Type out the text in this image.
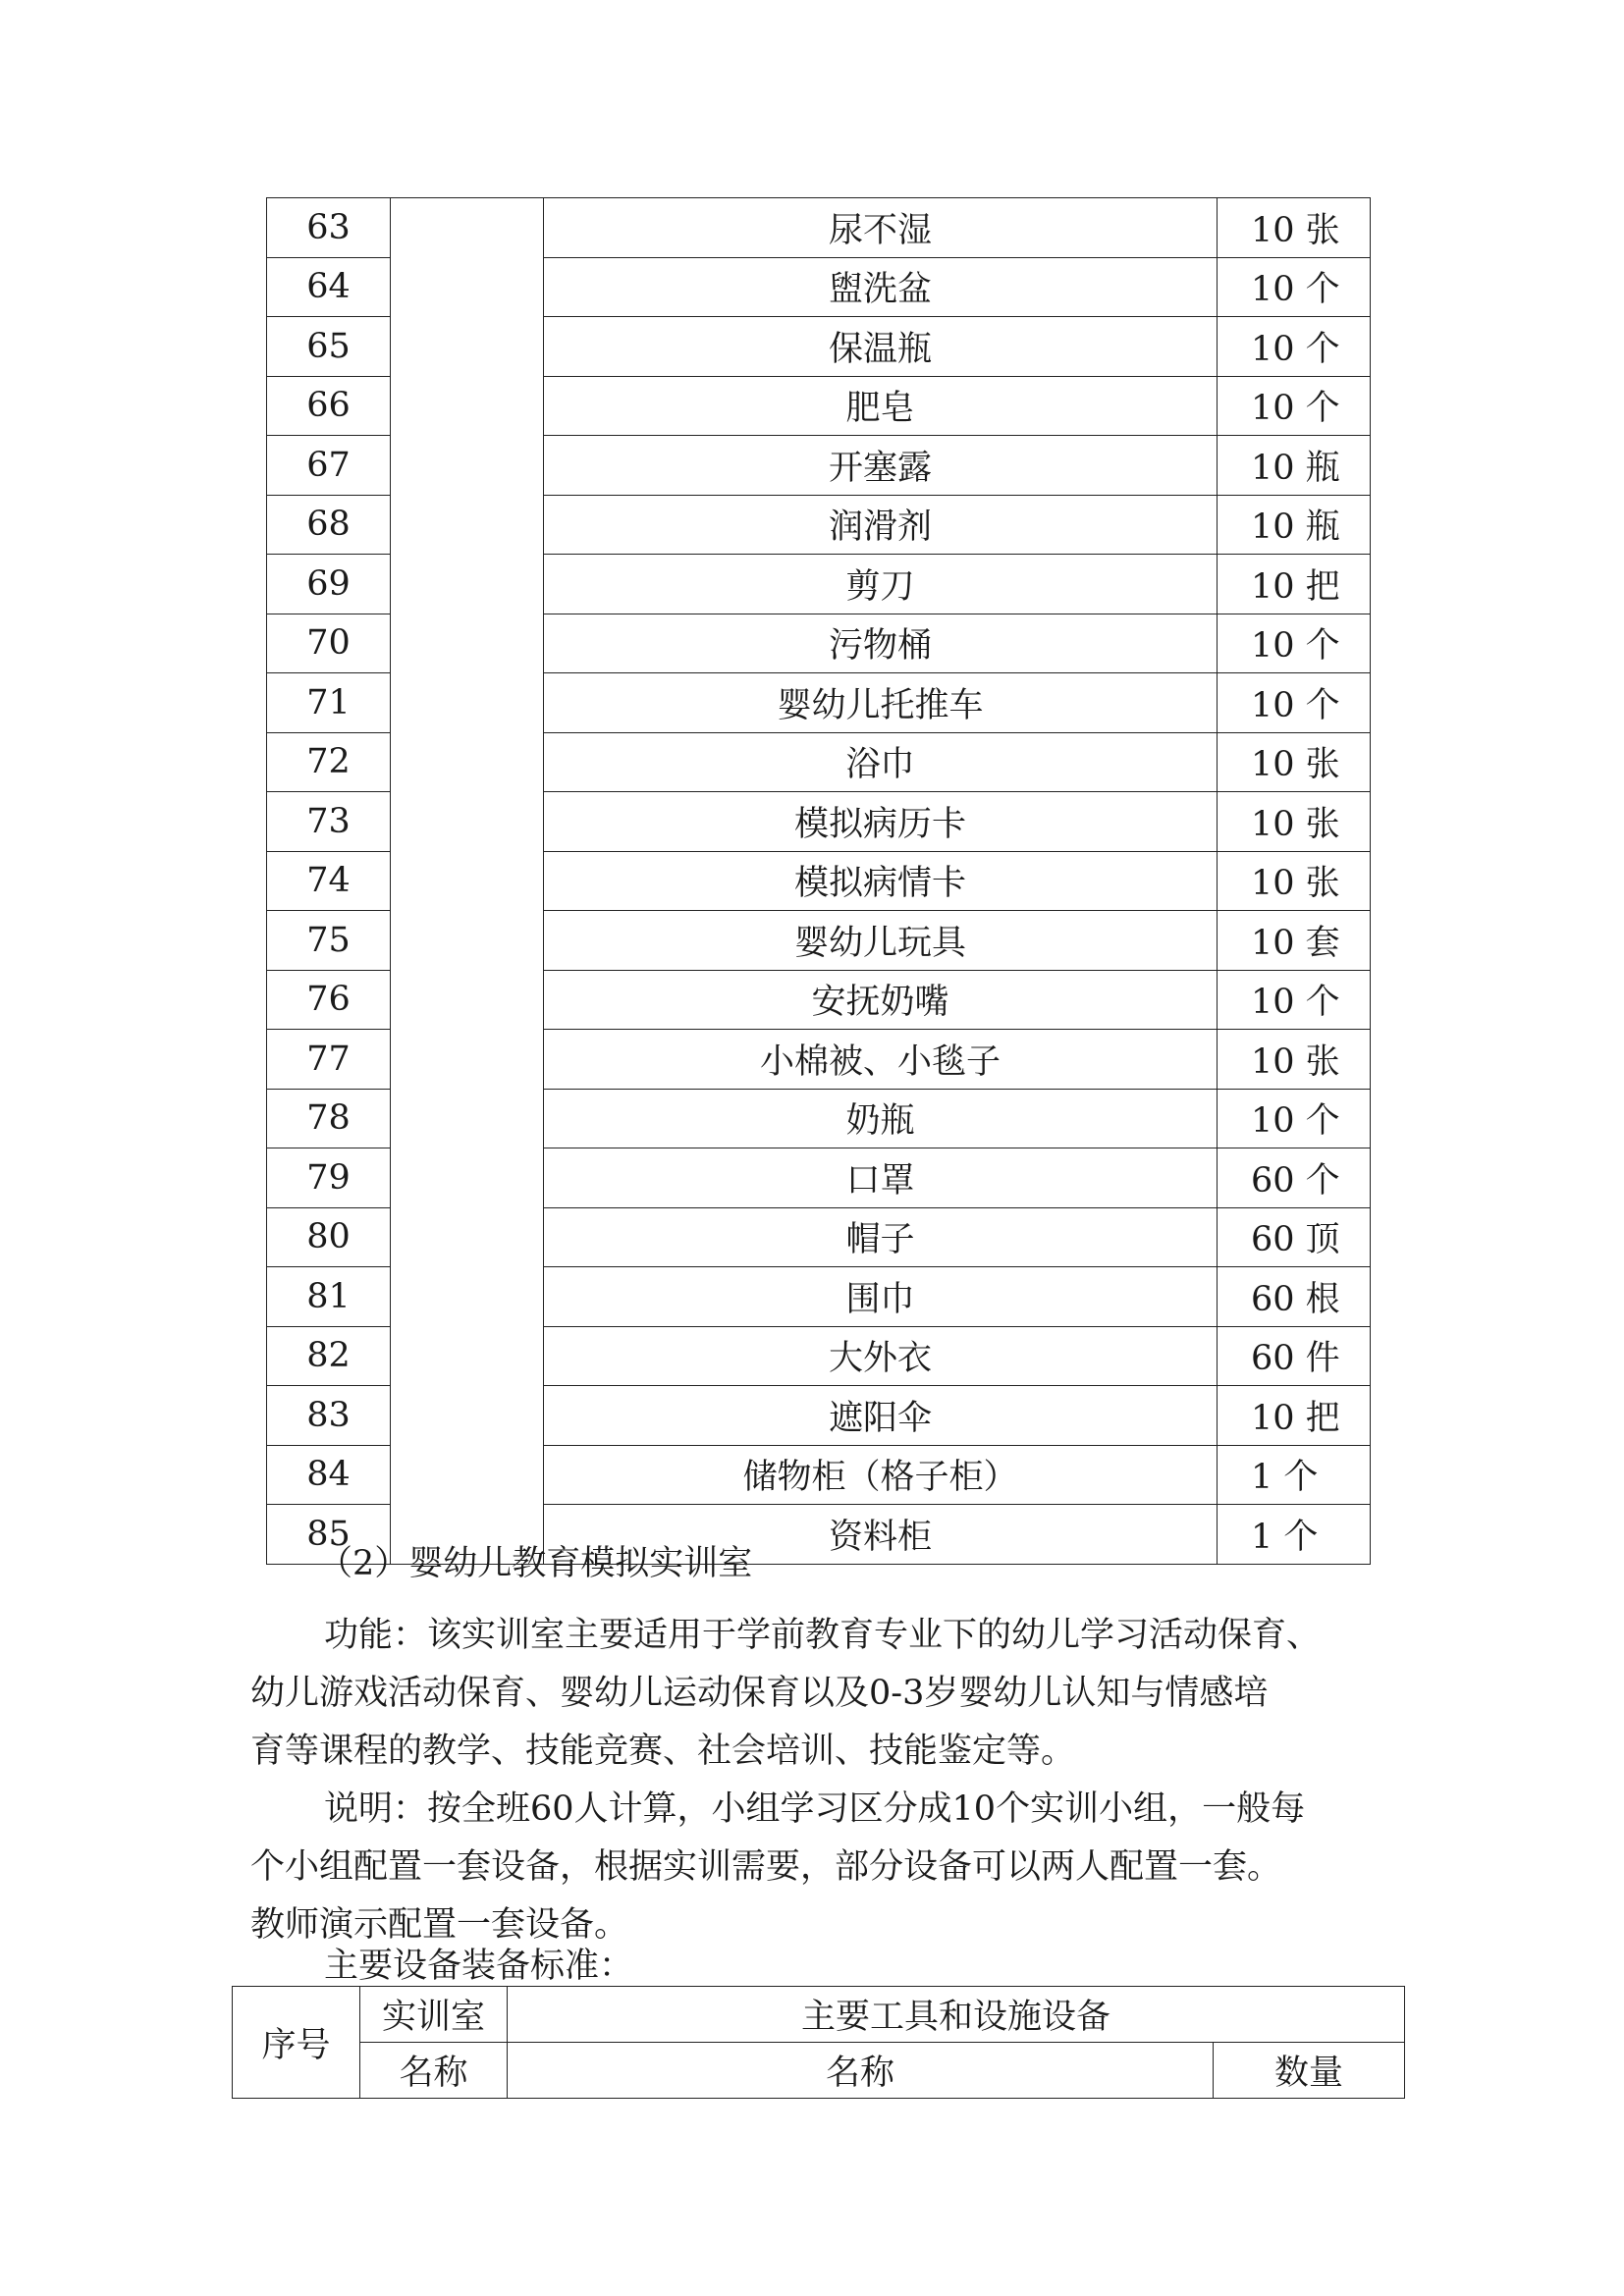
63		尿不湿	10 张
64		盥洗盆	10 个
65		保温瓶	10 个
66		肥皂	10 个
67		开塞露	10 瓶
68		润滑剂	10 瓶
69		剪刀	10 把
70		污物桶	10 个
71		婴幼儿托推车	10 个
72		浴巾	10 张
73		模拟病历卡	10 张
74		模拟病情卡	10 张
75		婴幼儿玩具	10 套
76		安抚奶嘴	10 个
77		小棉被、小毯子	10 张
78		奶瓶	10 个
79		口罩	60 个
80		帽子	60 顶
81		围巾	60 根
82		大外衣	60 件
83		遮阳伞	10 把
84		储物柜（格子柜）	1 个
85		资料柜	1 个

（2）婴幼儿教育模拟实训室

功能：该实训室主要适用于学前教育专业下的幼儿学习活动保育、

幼儿游戏活动保育、婴幼儿运动保育以及0-3岁婴幼儿认知与情感培

育等课程的教学、技能竞赛、社会培训、技能鉴定等。

说明：按全班60人计算，小组学习区分成10个实训小组，一般每

个小组配置一套设备，根据实训需要，部分设备可以两人配置一套。

教师演示配置一套设备。

主要设备装备标准：

序号	实训室	主要工具和设施设备	
	名称	名称	数量
